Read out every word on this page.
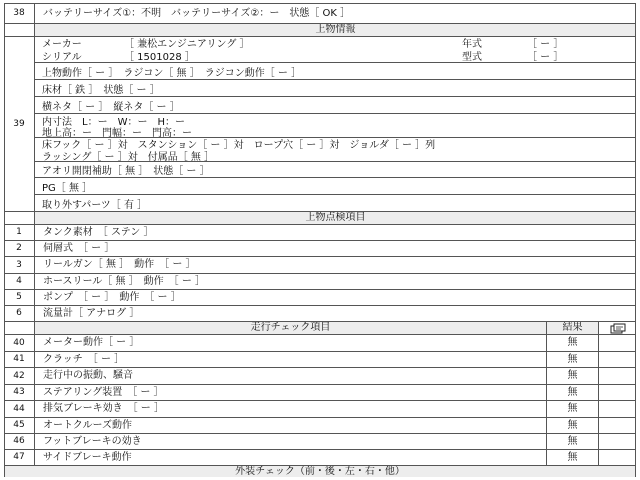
38	バッテリーサイズ①：不明　バッテリーサイズ②：ー　状態［ OK ］
上物情報
39
メーカー	［ 兼松エンジニアリング ］	年式	［ ー ］
シリアル	［ 1501028 ］	型式	［ ー ］
上物動作［ ー ］　ラジコン［ 無 ］　ラジコン動作［ ー ］
床材［ 鉄 ］　状態［ ー ］
横ネタ［ ー ］　縦ネタ［ ー ］
内寸法　L：ー　W：ー　H：ー
地上高：ー　門幅：ー　門高：ー
床フック［ ー ］対　スタンション［ ー ］対　ロープ穴［ ー ］対　ジョルダ［ ー ］列
ラッシング［ ー ］対　付属品［ 無 ］
アオリ開閉補助［ 無 ］　状態［ ー ］
PG［ 無 ］
取り外すパーツ［ 有 ］
上物点検項目
1	タンク素材　［ ステン ］
2	伺層式　［ ー ］
3	リールガン［ 無 ］　動作　［ ー ］
4	ホースリール［ 無 ］　動作　［ ー ］
5	ポンプ　［ ー ］　動作　［ ー ］
6	流量計［ アナログ ］
走行チェック項目	結果
40	メーター動作［ ー ］	無
41	クラッチ　［ ー ］	無
42	走行中の振動、騒音	無
43	ステアリング装置　［ ー ］	無
44	排気ブレーキ効き　［ ー ］	無
45	オートクルーズ動作	無
46	フットブレーキの効き	無
47	サイドブレーキ動作	無
外装チェック（前・後・左・右・他）
